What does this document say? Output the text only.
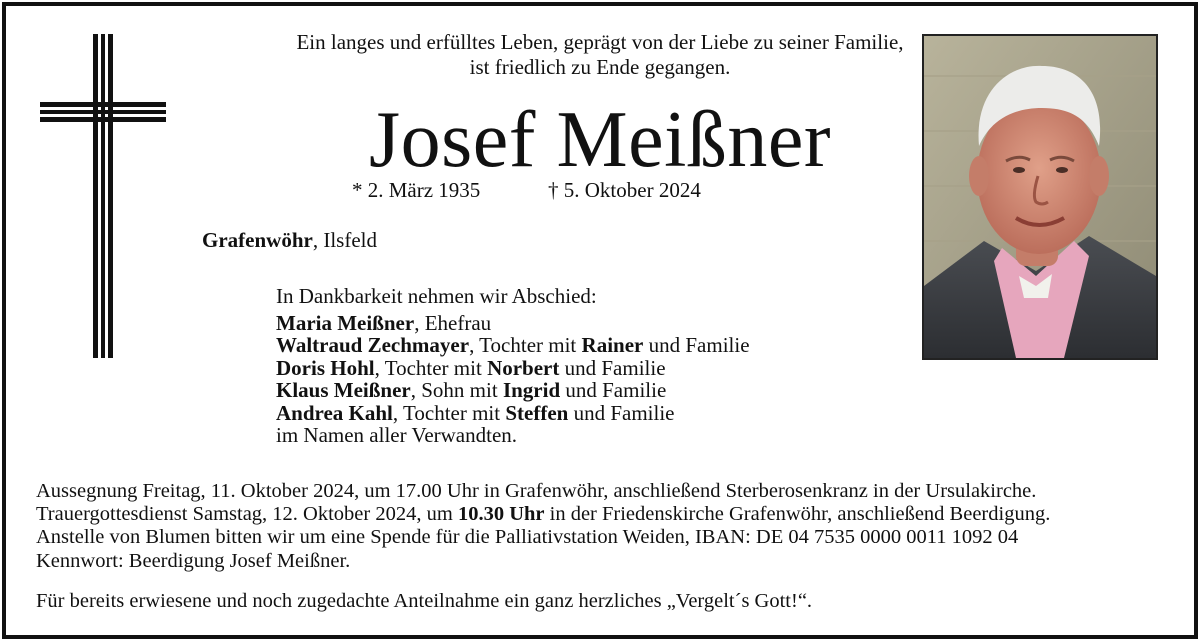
Ein langes und erfülltes Leben, geprägt von der Liebe zu seiner Familie,
ist friedlich zu Ende gegangen.
Josef Meißner
* 2. März 1935	† 5. Oktober 2024
Grafenwöhr, Ilsfeld
In Dankbarkeit nehmen wir Abschied:
Maria Meißner, Ehefrau
Waltraud Zechmayer, Tochter mit Rainer und Familie
Doris Hohl, Tochter mit Norbert und Familie
Klaus Meißner, Sohn mit Ingrid und Familie
Andrea Kahl, Tochter mit Steffen und Familie
im Namen aller Verwandten.
Aussegnung Freitag, 11. Oktober 2024, um 17.00 Uhr in Grafenwöhr, anschließend Sterberosenkranz in der Ursulakirche.
Trauergottesdienst Samstag, 12. Oktober 2024, um 10.30 Uhr in der Friedenskirche Grafenwöhr, anschließend Beerdigung.
Anstelle von Blumen bitten wir um eine Spende für die Palliativstation Weiden, IBAN: DE 04 7535 0000 0011 1092 04
Kennwort: Beerdigung Josef Meißner.
Für bereits erwiesene und noch zugedachte Anteilnahme ein ganz herzliches „Vergelt´s Gott!“.
